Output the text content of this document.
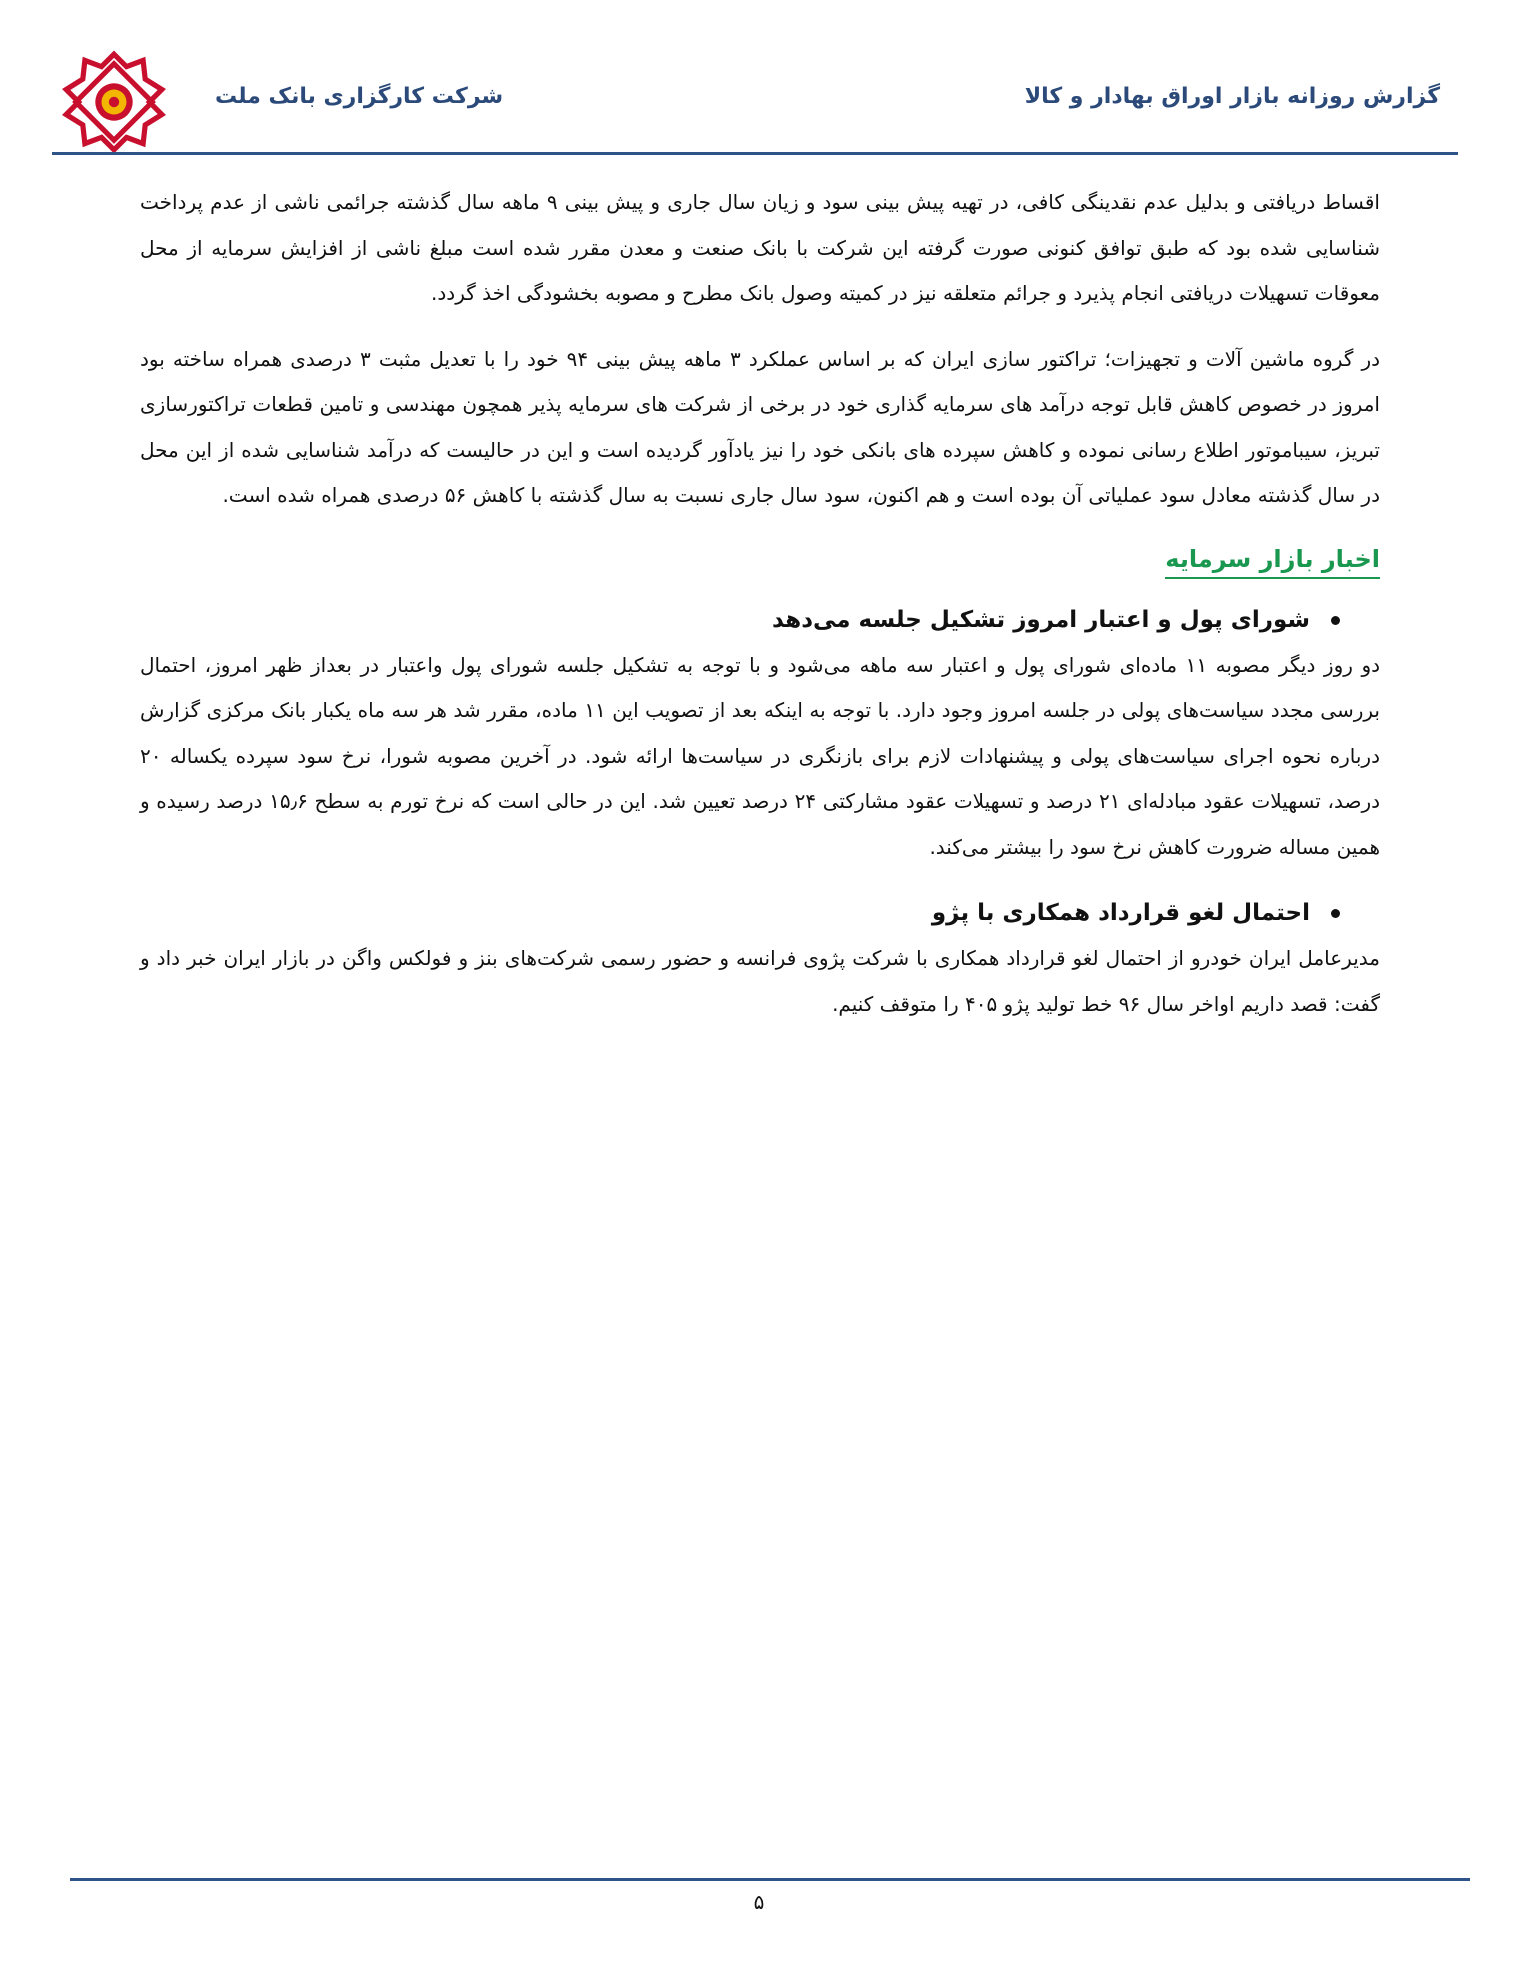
گزارش روزانه بازار اوراق بهادار و کالا
شرکت کارگزاری بانک ملت

اقساط دریافتی و بدلیل عدم نقدینگی کافی، در تهیه پیش بینی سود و زیان سال جاری و پیش بینی ۹ ماهه سال گذشته جرائمی ناشی از عدم پرداخت شناسایی شده بود که طبق توافق کنونی صورت گرفته این شرکت با بانک صنعت و معدن مقرر شده است مبلغ ناشی از افزایش سرمایه از محل معوقات تسهیلات دریافتی انجام پذیرد و جرائم متعلقه نیز در کمیته وصول بانک مطرح و مصوبه بخشودگی اخذ گردد.

در گروه ماشین آلات و تجهیزات؛ تراکتور سازی ایران که بر اساس عملکرد ۳ ماهه پیش بینی ۹۴ خود را با تعدیل مثبت ۳ درصدی همراه ساخته بود امروز در خصوص کاهش قابل توجه درآمد های سرمایه گذاری خود در برخی از شرکت های سرمایه پذیر همچون مهندسی و تامین قطعات تراکتورسازی تبریز، سیباموتور اطلاع رسانی نموده و کاهش سپرده های بانکی خود را نیز یادآور گردیده است و این در حالیست که درآمد شناسایی شده از این محل در سال گذشته معادل سود عملیاتی آن بوده است و هم اکنون، سود سال جاری نسبت به سال گذشته با کاهش ۵۶ درصدی همراه شده است.

اخبار بازار سرمایه
شورای پول و اعتبار امروز تشکیل جلسه می‌دهد

دو روز دیگر مصوبه ۱۱ ماده‌ای شورای پول و اعتبار سه ماهه می‌شود و با توجه به تشکیل جلسه شورای پول واعتبار در بعداز ظهر امروز، احتمال بررسی مجدد سیاست‌های پولی در جلسه امروز وجود دارد. با توجه به اینکه بعد از تصویب این ۱۱ ماده، مقرر شد هر سه ماه یکبار بانک مرکزی گزارش درباره نحوه اجرای سیاست‌های پولی و پیشنهادات لازم برای بازنگری در سیاست‌ها ارائه شود. در آخرین مصوبه شورا، نرخ سود سپرده یکساله ۲۰ درصد، تسهیلات عقود مبادله‌ای ۲۱ درصد و تسهیلات عقود مشارکتی ۲۴ درصد تعیین شد. این در حالی است که نرخ تورم به سطح ۱۵٫۶ درصد رسیده و همین مساله ضرورت کاهش نرخ سود را بیشتر می‌کند.

احتمال لغو قرارداد همکاری با پژو

مدیرعامل ایران خودرو از احتمال لغو قرارداد همکاری با شرکت پژوی فرانسه و حضور رسمی شرکت‌های بنز و فولکس واگن در بازار ایران خبر داد و گفت: قصد داریم اواخر سال ۹۶ خط تولید پژو ۴۰۵ را متوقف کنیم.

۵
